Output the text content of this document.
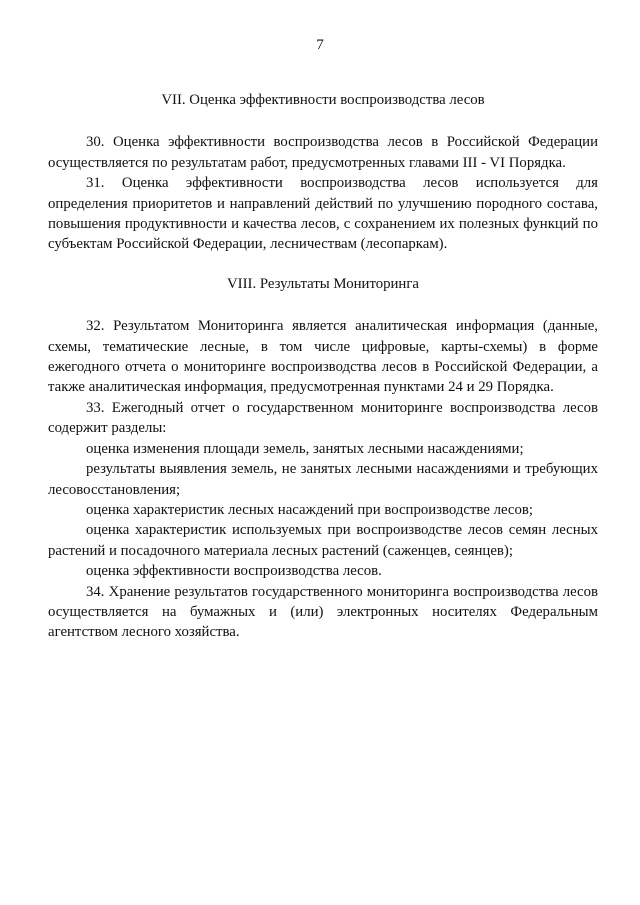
7

VII. Оценка эффективности воспроизводства лесов

30. Оценка эффективности воспроизводства лесов в Российской Федерации осуществляется по результатам работ, предусмотренных главами III - VI Порядка.

31. Оценка эффективности воспроизводства лесов используется для определения приоритетов и направлений действий по улучшению породного состава, повышения продуктивности и качества лесов, с сохранением их полезных функций по субъектам Российской Федерации, лесничествам (лесопаркам).

VIII. Результаты Мониторинга

32. Результатом Мониторинга является аналитическая информация (данные, схемы, тематические лесные, в том числе цифровые, карты-схемы) в форме ежегодного отчета о мониторинге воспроизводства лесов в Российской Федерации, а также аналитическая информация, предусмотренная пунктами 24 и 29 Порядка.

33. Ежегодный отчет о государственном мониторинге воспроизводства лесов содержит разделы:

оценка изменения площади земель, занятых лесными насаждениями;

результаты выявления земель, не занятых лесными насаждениями и требующих лесовосстановления;

оценка характеристик лесных насаждений при воспроизводстве лесов;

оценка характеристик используемых при воспроизводстве лесов семян лесных растений и посадочного материала лесных растений (саженцев, сеянцев);

оценка эффективности воспроизводства лесов.

34. Хранение результатов государственного мониторинга воспроизводства лесов осуществляется на бумажных и (или) электронных носителях Федеральным агентством лесного хозяйства.
